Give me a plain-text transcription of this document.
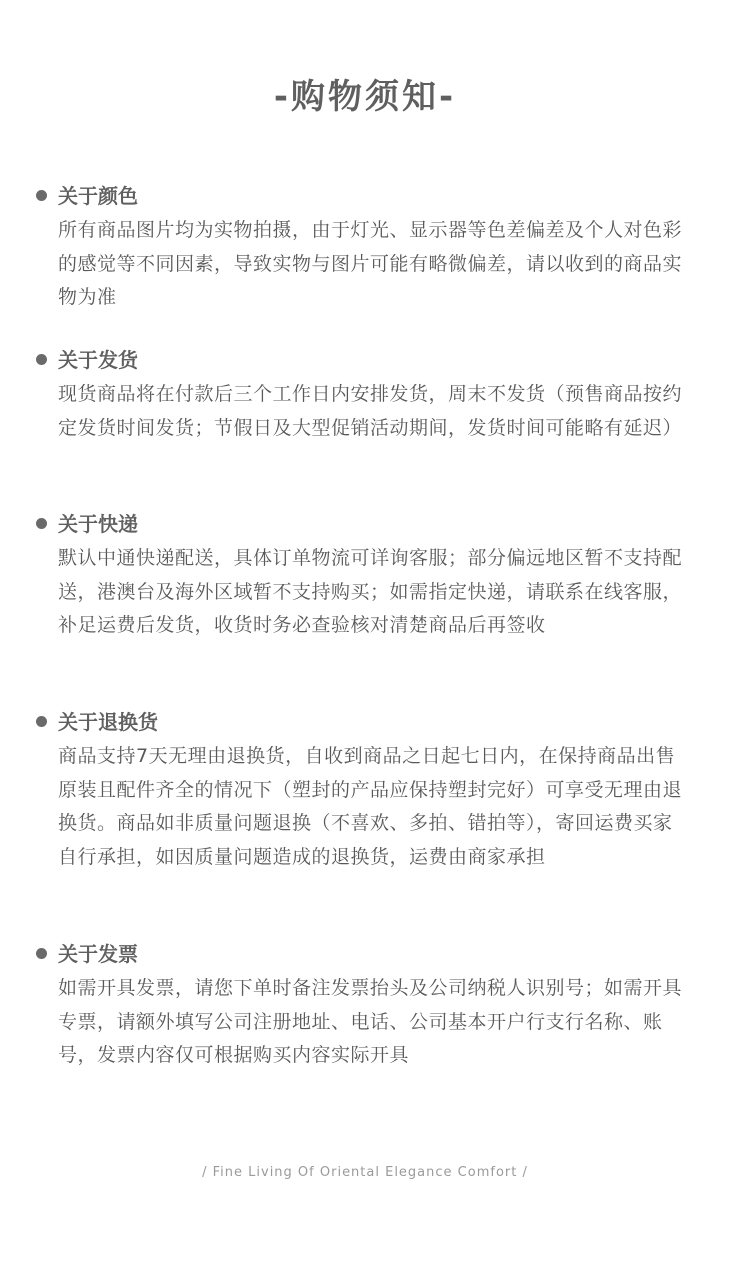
-购物须知-
关于颜色
所有商品图片均为实物拍摄，由于灯光、显示器等色差偏差及个人对色彩的感觉等不同因素，导致实物与图片可能有略微偏差，请以收到的商品实物为准
关于发货
现货商品将在付款后三个工作日内安排发货，周末不发货（预售商品按约定发货时间发货；节假日及大型促销活动期间，发货时间可能略有延迟）
关于快递
默认中通快递配送，具体订单物流可详询客服；部分偏远地区暂不支持配送，港澳台及海外区域暂不支持购买；如需指定快递，请联系在线客服，补足运费后发货，收货时务必查验核对清楚商品后再签收
关于退换货
商品支持7天无理由退换货，自收到商品之日起七日内，在保持商品出售原装且配件齐全的情况下（塑封的产品应保持塑封完好）可享受无理由退换货。商品如非质量问题退换（不喜欢、多拍、错拍等），寄回运费买家自行承担，如因质量问题造成的退换货，运费由商家承担
关于发票
如需开具发票，请您下单时备注发票抬头及公司纳税人识别号；如需开具专票，请额外填写公司注册地址、电话、公司基本开户行支行名称、账号，发票内容仅可根据购买内容实际开具
/ Fine Living Of Oriental Elegance Comfort /
